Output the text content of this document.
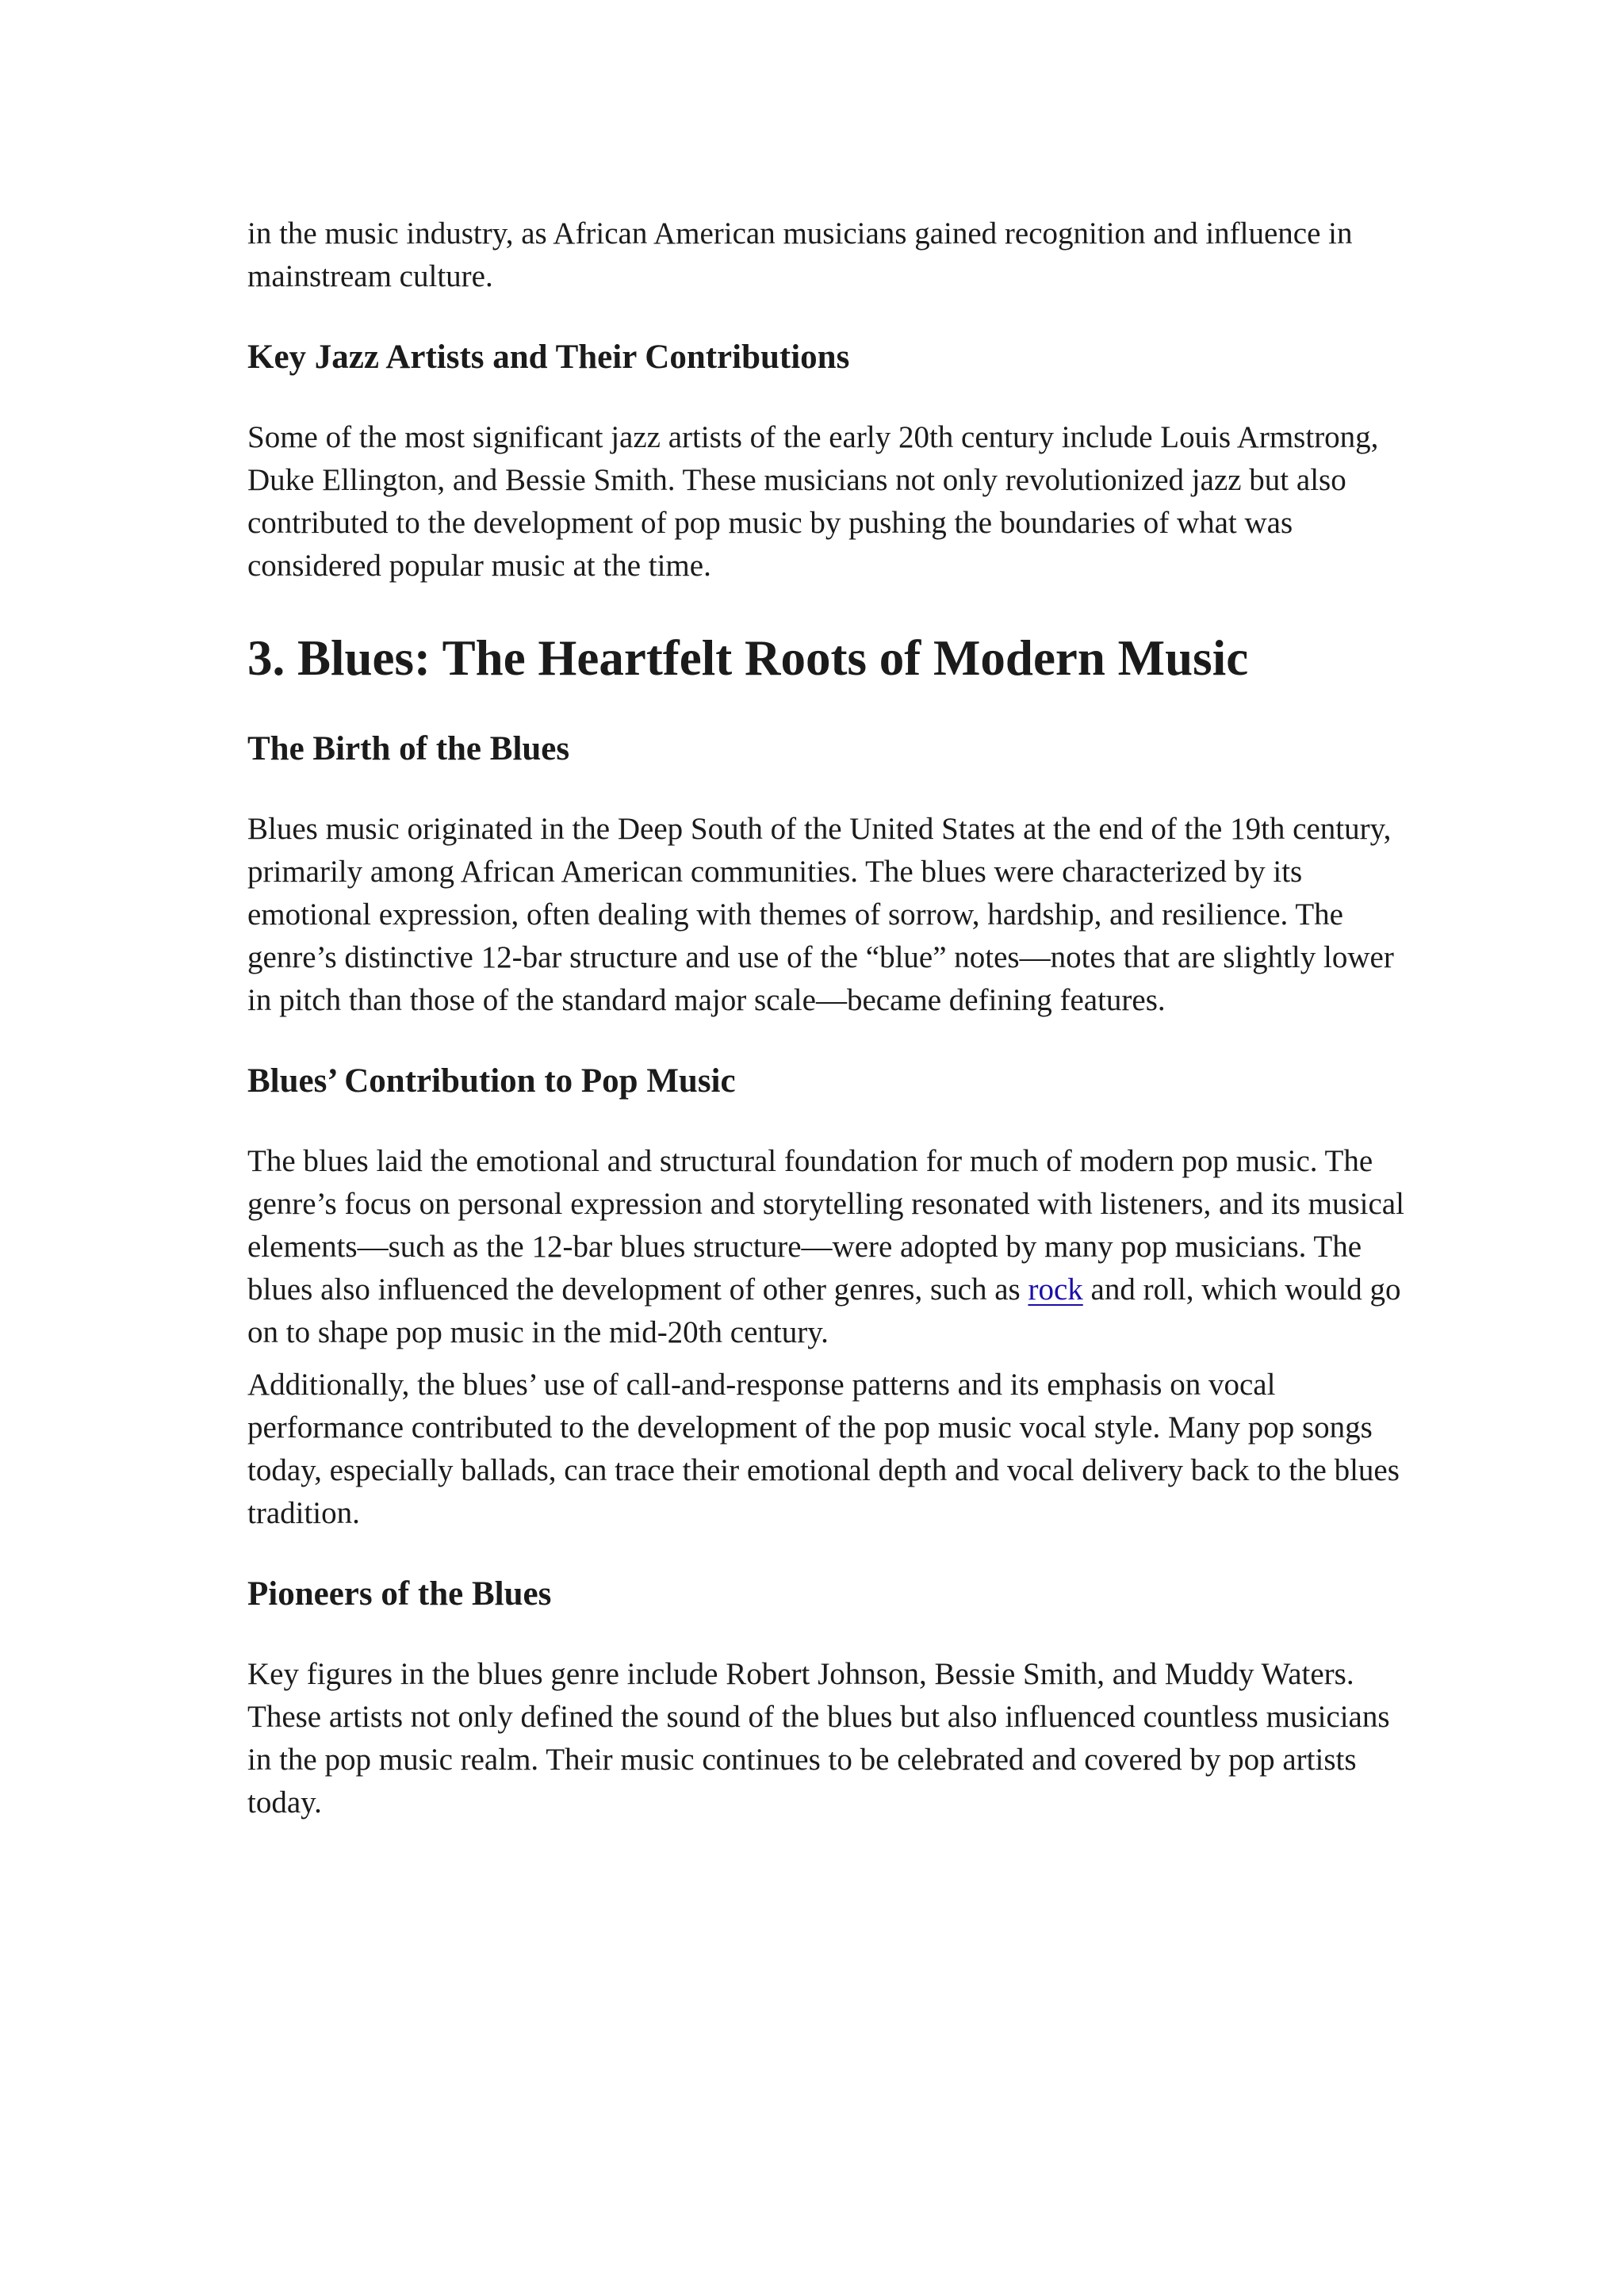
in the music industry, as African American musicians gained recognition and influence in mainstream culture.

Key Jazz Artists and Their Contributions

Some of the most significant jazz artists of the early 20th century include Louis Armstrong, Duke Ellington, and Bessie Smith. These musicians not only revolutionized jazz but also contributed to the development of pop music by pushing the boundaries of what was considered popular music at the time.

3. Blues: The Heartfelt Roots of Modern Music
The Birth of the Blues

Blues music originated in the Deep South of the United States at the end of the 19th century, primarily among African American communities. The blues were characterized by its emotional expression, often dealing with themes of sorrow, hardship, and resilience. The genre’s distinctive 12-bar structure and use of the “blue” notes—notes that are slightly lower in pitch than those of the standard major scale—became defining features.

Blues’ Contribution to Pop Music

The blues laid the emotional and structural foundation for much of modern pop music. The genre’s focus on personal expression and storytelling resonated with listeners, and its musical elements—such as the 12-bar blues structure—were adopted by many pop musicians. The blues also influenced the development of other genres, such as rock and roll, which would go on to shape pop music in the mid-20th century.

Additionally, the blues’ use of call-and-response patterns and its emphasis on vocal performance contributed to the development of the pop music vocal style. Many pop songs today, especially ballads, can trace their emotional depth and vocal delivery back to the blues tradition.

Pioneers of the Blues

Key figures in the blues genre include Robert Johnson, Bessie Smith, and Muddy Waters. These artists not only defined the sound of the blues but also influenced countless musicians in the pop music realm. Their music continues to be celebrated and covered by pop artists today.
